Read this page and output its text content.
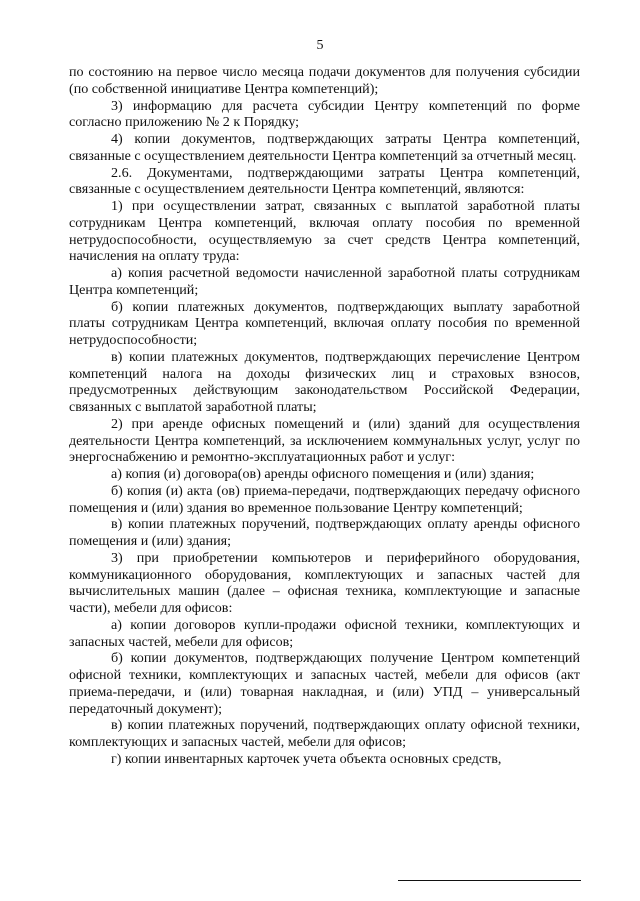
5

по состоянию на первое число месяца подачи документов для получения субсидии (по собственной инициативе Центра компетенций);

3) информацию для расчета субсидии Центру компетенций по форме согласно приложению № 2 к Порядку;

4) копии документов, подтверждающих затраты Центра компетенций, связанные с осуществлением деятельности Центра компетенций за отчетный месяц.

2.6. Документами, подтверждающими затраты Центра компетенций, связанные с осуществлением деятельности Центра компетенций, являются:

1) при осуществлении затрат, связанных с выплатой заработной платы сотрудникам Центра компетенций, включая оплату пособия по временной нетрудоспособности, осуществляемую за счет средств Центра компетенций, начисления на оплату труда:

а) копия расчетной ведомости начисленной заработной платы сотрудникам Центра компетенций;

б) копии платежных документов, подтверждающих выплату заработной платы сотрудникам Центра компетенций, включая оплату пособия по временной нетрудоспособности;

в) копии платежных документов, подтверждающих перечисление Центром компетенций налога на доходы физических лиц и страховых взносов, предусмотренных действующим законодательством Российской Федерации, связанных с выплатой заработной платы;

2) при аренде офисных помещений и (или) зданий для осуществления деятельности Центра компетенций, за исключением коммунальных услуг, услуг по энергоснабжению и ремонтно-эксплуатационных работ и услуг:

а) копия (и) договора(ов) аренды офисного помещения и (или) здания;

б) копия (и) акта (ов) приема-передачи, подтверждающих передачу офисного помещения и (или) здания во временное пользование Центру компетенций;

в) копии платежных поручений, подтверждающих оплату аренды офисного помещения и (или) здания;

3) при приобретении компьютеров и периферийного оборудования, коммуникационного оборудования, комплектующих и запасных частей для вычислительных машин (далее – офисная техника, комплектующие и запасные части), мебели для офисов:

а) копии договоров купли-продажи офисной техники, комплектующих и запасных частей, мебели для офисов;

б) копии документов, подтверждающих получение Центром компетенций офисной техники, комплектующих и запасных частей, мебели для офисов (акт приема-передачи, и (или) товарная накладная, и (или) УПД – универсальный передаточный документ);

в) копии платежных поручений, подтверждающих оплату офисной техники, комплектующих и запасных частей, мебели для офисов;

г) копии инвентарных карточек учета объекта основных средств,
